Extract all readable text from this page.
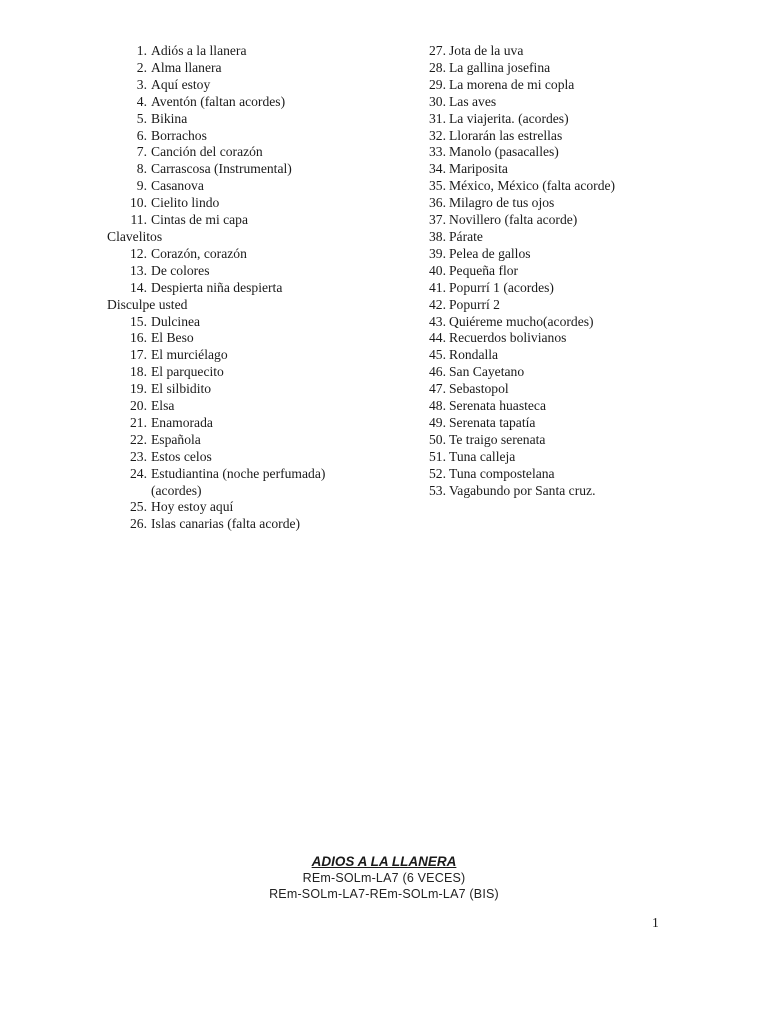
1. Adiós a la llanera
2. Alma llanera
3. Aquí estoy
4. Aventón (faltan acordes)
5. Bikina
6. Borrachos
7. Canción del corazón
8. Carrascosa (Instrumental)
9. Casanova
10. Cielito lindo
11. Cintas de mi capa
Clavelitos
12. Corazón, corazón
13. De colores
14. Despierta niña despierta
Disculpe usted
15. Dulcinea
16. El Beso
17. El murciélago
18. El parquecito
19. El silbidito
20. Elsa
21. Enamorada
22. Española
23. Estos celos
24. Estudiantina (noche perfumada)
(acordes)
25. Hoy estoy aquí
26. Islas canarias (falta acorde)
27. Jota de la uva
28. La gallina josefina
29. La morena de mi copla
30. Las aves
31. La viajerita. (acordes)
32. Llorarán las estrellas
33. Manolo (pasacalles)
34. Mariposita
35. México, México (falta acorde)
36. Milagro de tus ojos
37. Novillero (falta acorde)
38. Párate
39. Pelea de gallos
40. Pequeña flor
41. Popurrí 1 (acordes)
42. Popurrí 2
43. Quiéreme mucho(acordes)
44. Recuerdos bolivianos
45. Rondalla
46. San Cayetano
47. Sebastopol
48. Serenata huasteca
49. Serenata tapatía
50. Te traigo serenata
51. Tuna calleja
52. Tuna compostelana
53. Vagabundo por Santa cruz.
ADIOS A LA LLANERA
REm-SOLm-LA7 (6 VECES)
REm-SOLm-LA7-REm-SOLm-LA7 (BIS)
1
